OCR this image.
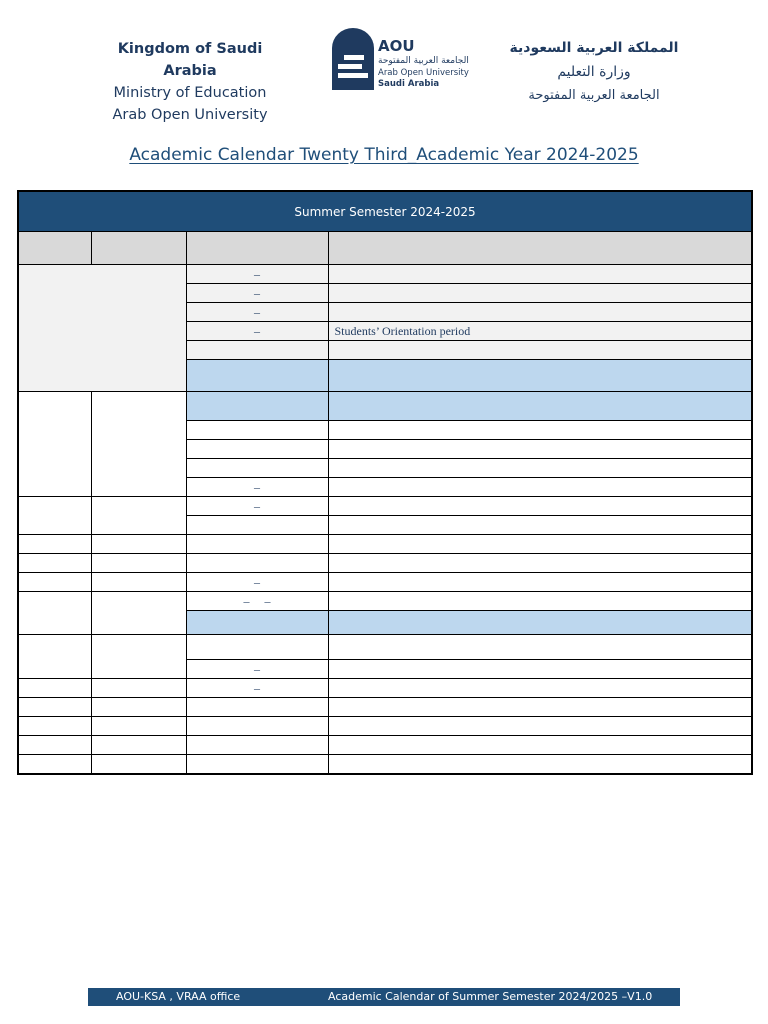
Kingdom of Saudi Arabia
Ministry of Education
Arab Open University
AOU
الجامعة العربية المفتوحة
Arab Open University
Saudi Arabia
المملكة العربية السعودية
وزارة التعليم
الجامعة العربية المفتوحة
Academic Calendar Twenty Third_Academic Year 2024-2025
Summer Semester 2024-2025			

		–	
		–	
		–	
		–	Students’ Orientation period

		–	
		–	

		–	
		–     –	

		–	
		–	

AOU-KSA , VRAA office	Academic Calendar of Summer Semester 2024/2025 –V1.0
